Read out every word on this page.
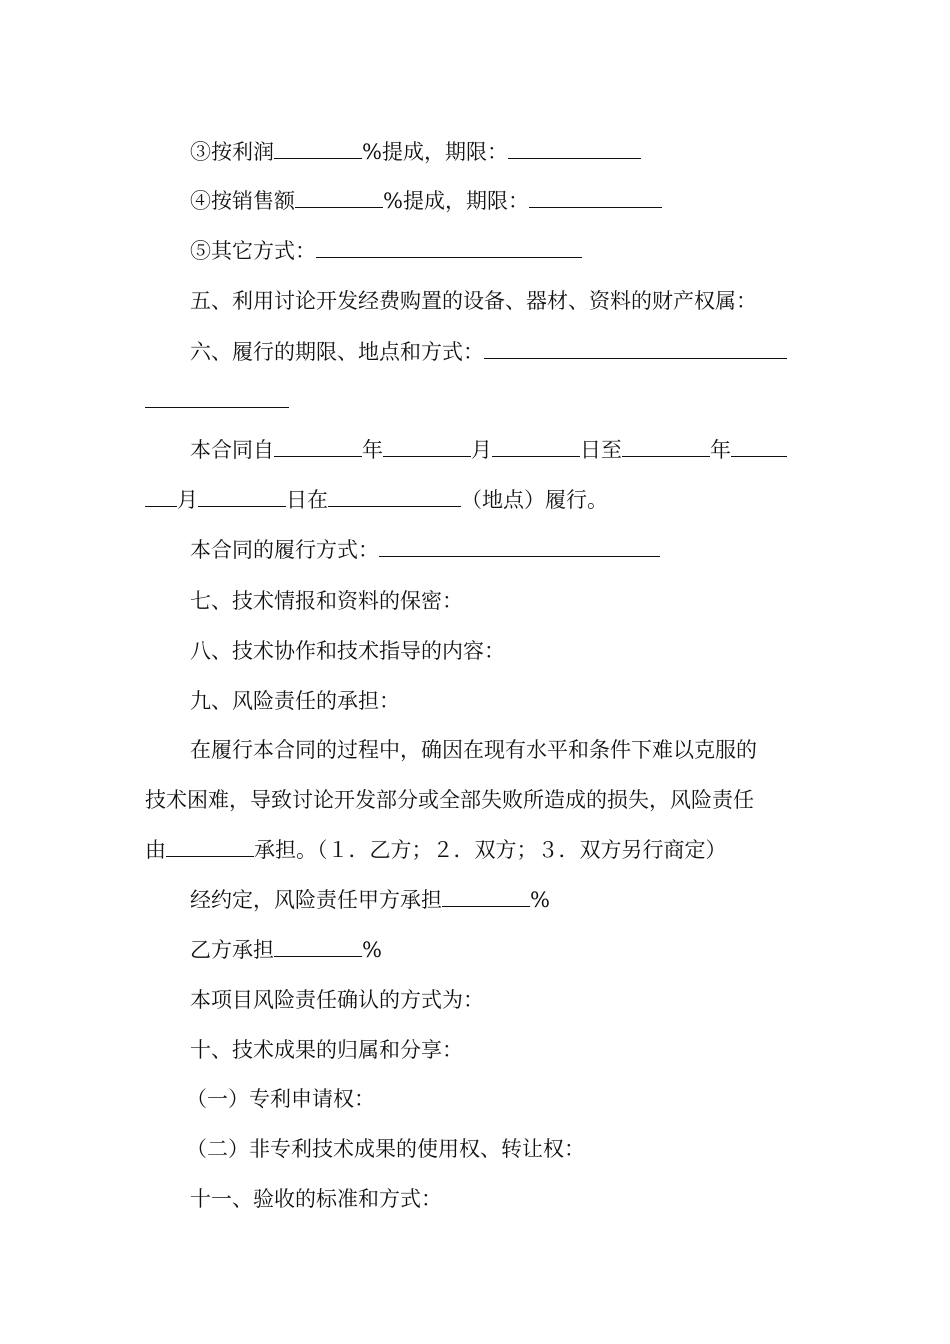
③按利润	%提成，期限：
④按销售额	%提成，期限：
⑤其它方式：
五、利用讨论开发经费购置的设备、器材、资料的财产权属：
六、履行的期限、地点和方式：
本合同自	年	月	日至	年
月	日在	（地点）履行。
本合同的履行方式：
七、技术情报和资料的保密：
八、技术协作和技术指导的内容：
九、风险责任的承担：
在履行本合同的过程中，确因在现有水平和条件下难以克服的
技术困难，导致讨论开发部分或全部失败所造成的损失，风险责任
由	承担。（１．乙方；２．双方；３．双方另行商定）
经约定，风险责任甲方承担	%
乙方承担	%
本项目风险责任确认的方式为：
十、技术成果的归属和分享：
（一）专利申请权：
（二）非专利技术成果的使用权、转让权：
十一、验收的标准和方式：
